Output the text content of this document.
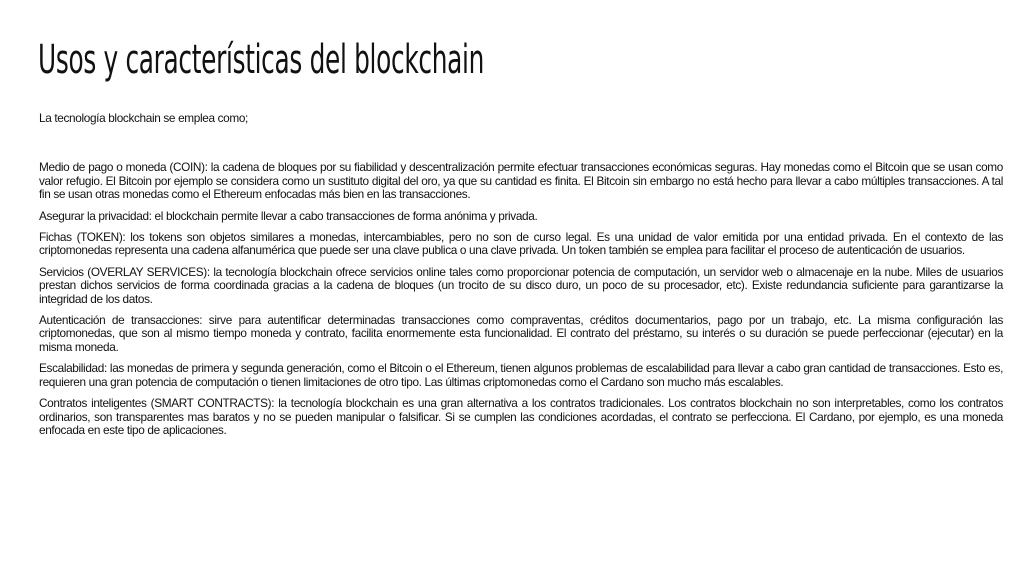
Usos y características del blockchain

La tecnología blockchain se emplea como;

Medio de pago o moneda (COIN): la cadena de bloques por su fiabilidad y descentralización permite efectuar transacciones económicas seguras. Hay monedas como el Bitcoin que se usan como valor refugio. El Bitcoin por ejemplo se considera como un sustituto digital del oro, ya que su cantidad es finita. El Bitcoin sin embargo no está hecho para llevar a cabo múltiples transacciones. A tal fin se usan otras monedas como el Ethereum enfocadas más bien en las transacciones.

Asegurar la privacidad: el blockchain permite llevar a cabo transacciones de forma anónima y privada.

Fichas (TOKEN): los tokens son objetos similares a monedas, intercambiables, pero no son de curso legal. Es una unidad de valor emitida por una entidad privada. En el contexto de las criptomonedas representa una cadena alfanumérica que puede ser una clave publica o una clave privada. Un token también se emplea para facilitar el proceso de autenticación de usuarios.

Servicios (OVERLAY SERVICES): la tecnología blockchain ofrece servicios online tales como proporcionar potencia de computación, un servidor web o almacenaje en la nube. Miles de usuarios prestan dichos servicios de forma coordinada gracias a la cadena de bloques (un trocito de su disco duro, un poco de su procesador, etc). Existe redundancia suficiente para garantizarse la integridad de los datos.

Autenticación de transacciones: sirve para autentificar determinadas transacciones como compraventas, créditos documentarios, pago por un trabajo, etc. La misma configuración las criptomonedas, que son al mismo tiempo moneda y contrato, facilita enormemente esta funcionalidad. El contrato del préstamo, su interés o su duración se puede perfeccionar (ejecutar) en la misma moneda.

Escalabilidad: las monedas de primera y segunda generación, como el Bitcoin o el Ethereum, tienen algunos problemas de escalabilidad para llevar a cabo gran cantidad de transacciones. Esto es, requieren una gran potencia de computación o tienen limitaciones de otro tipo. Las últimas criptomonedas como el Cardano son mucho más escalables.

Contratos inteligentes (SMART CONTRACTS): la tecnología blockchain es una gran alternativa a los contratos tradicionales. Los contratos blockchain no son interpretables, como los contratos ordinarios, son transparentes mas baratos y no se pueden manipular o falsificar. Si se cumplen las condiciones acordadas, el contrato se perfecciona. El Cardano, por ejemplo, es una moneda enfocada en este tipo de aplicaciones.
